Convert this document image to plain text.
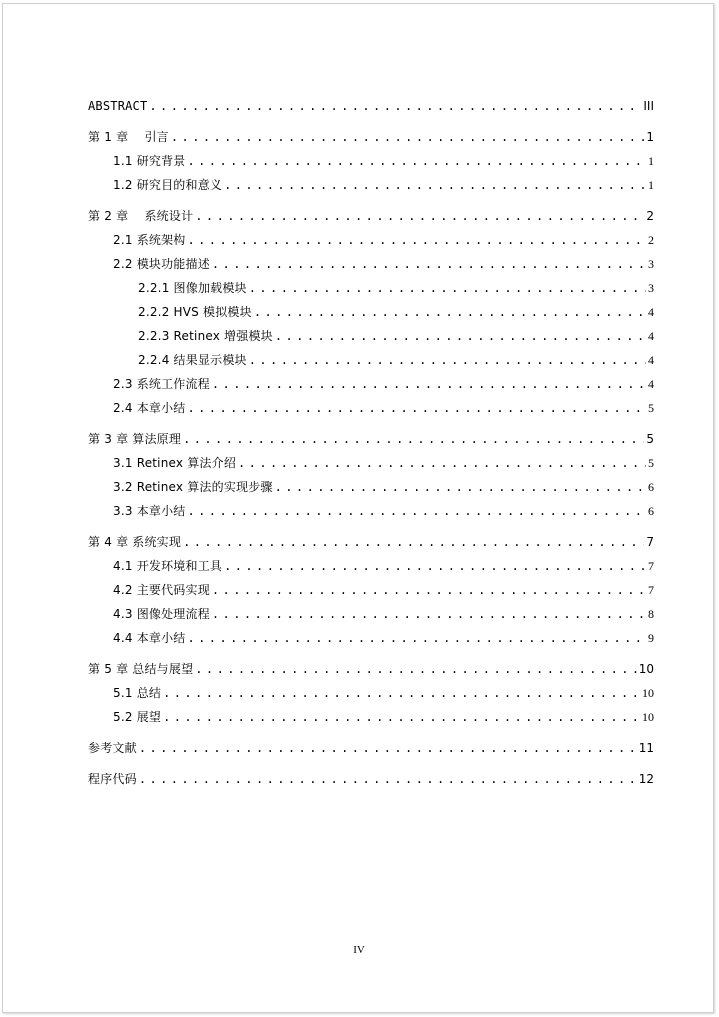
ABSTRACT . . .	III
第 1 章　 引言 . . .	1
1.1 研究背景 . . .	1
1.2 研究目的和意义 . . .	1
第 2 章　 系统设计 . . .	2
2.1 系统架构 . . .	2
2.2 模块功能描述 . . .	3
2.2.1 图像加载模块 . . .	3
2.2.2 HVS 模拟模块 . . .	4
2.2.3 Retinex 增强模块 . . .	4
2.2.4 结果显示模块 . . .	4
2.3 系统工作流程 . . .	4
2.4 本章小结 . . .	5
第 3 章 算法原理 . . .	5
3.1 Retinex 算法介绍 . . .	5
3.2 Retinex 算法的实现步骤 . . .	6
3.3 本章小结 . . .	6
第 4 章 系统实现 . . .	7
4.1 开发环境和工具 . . .	7
4.2 主要代码实现 . . .	7
4.3 图像处理流程 . . .	8
4.4 本章小结 . . .	9
第 5 章 总结与展望 . . .	10
5.1 总结 . . .	10
5.2 展望 . . .	10
参考文献 . . .	11
程序代码 . . .	12
IV
